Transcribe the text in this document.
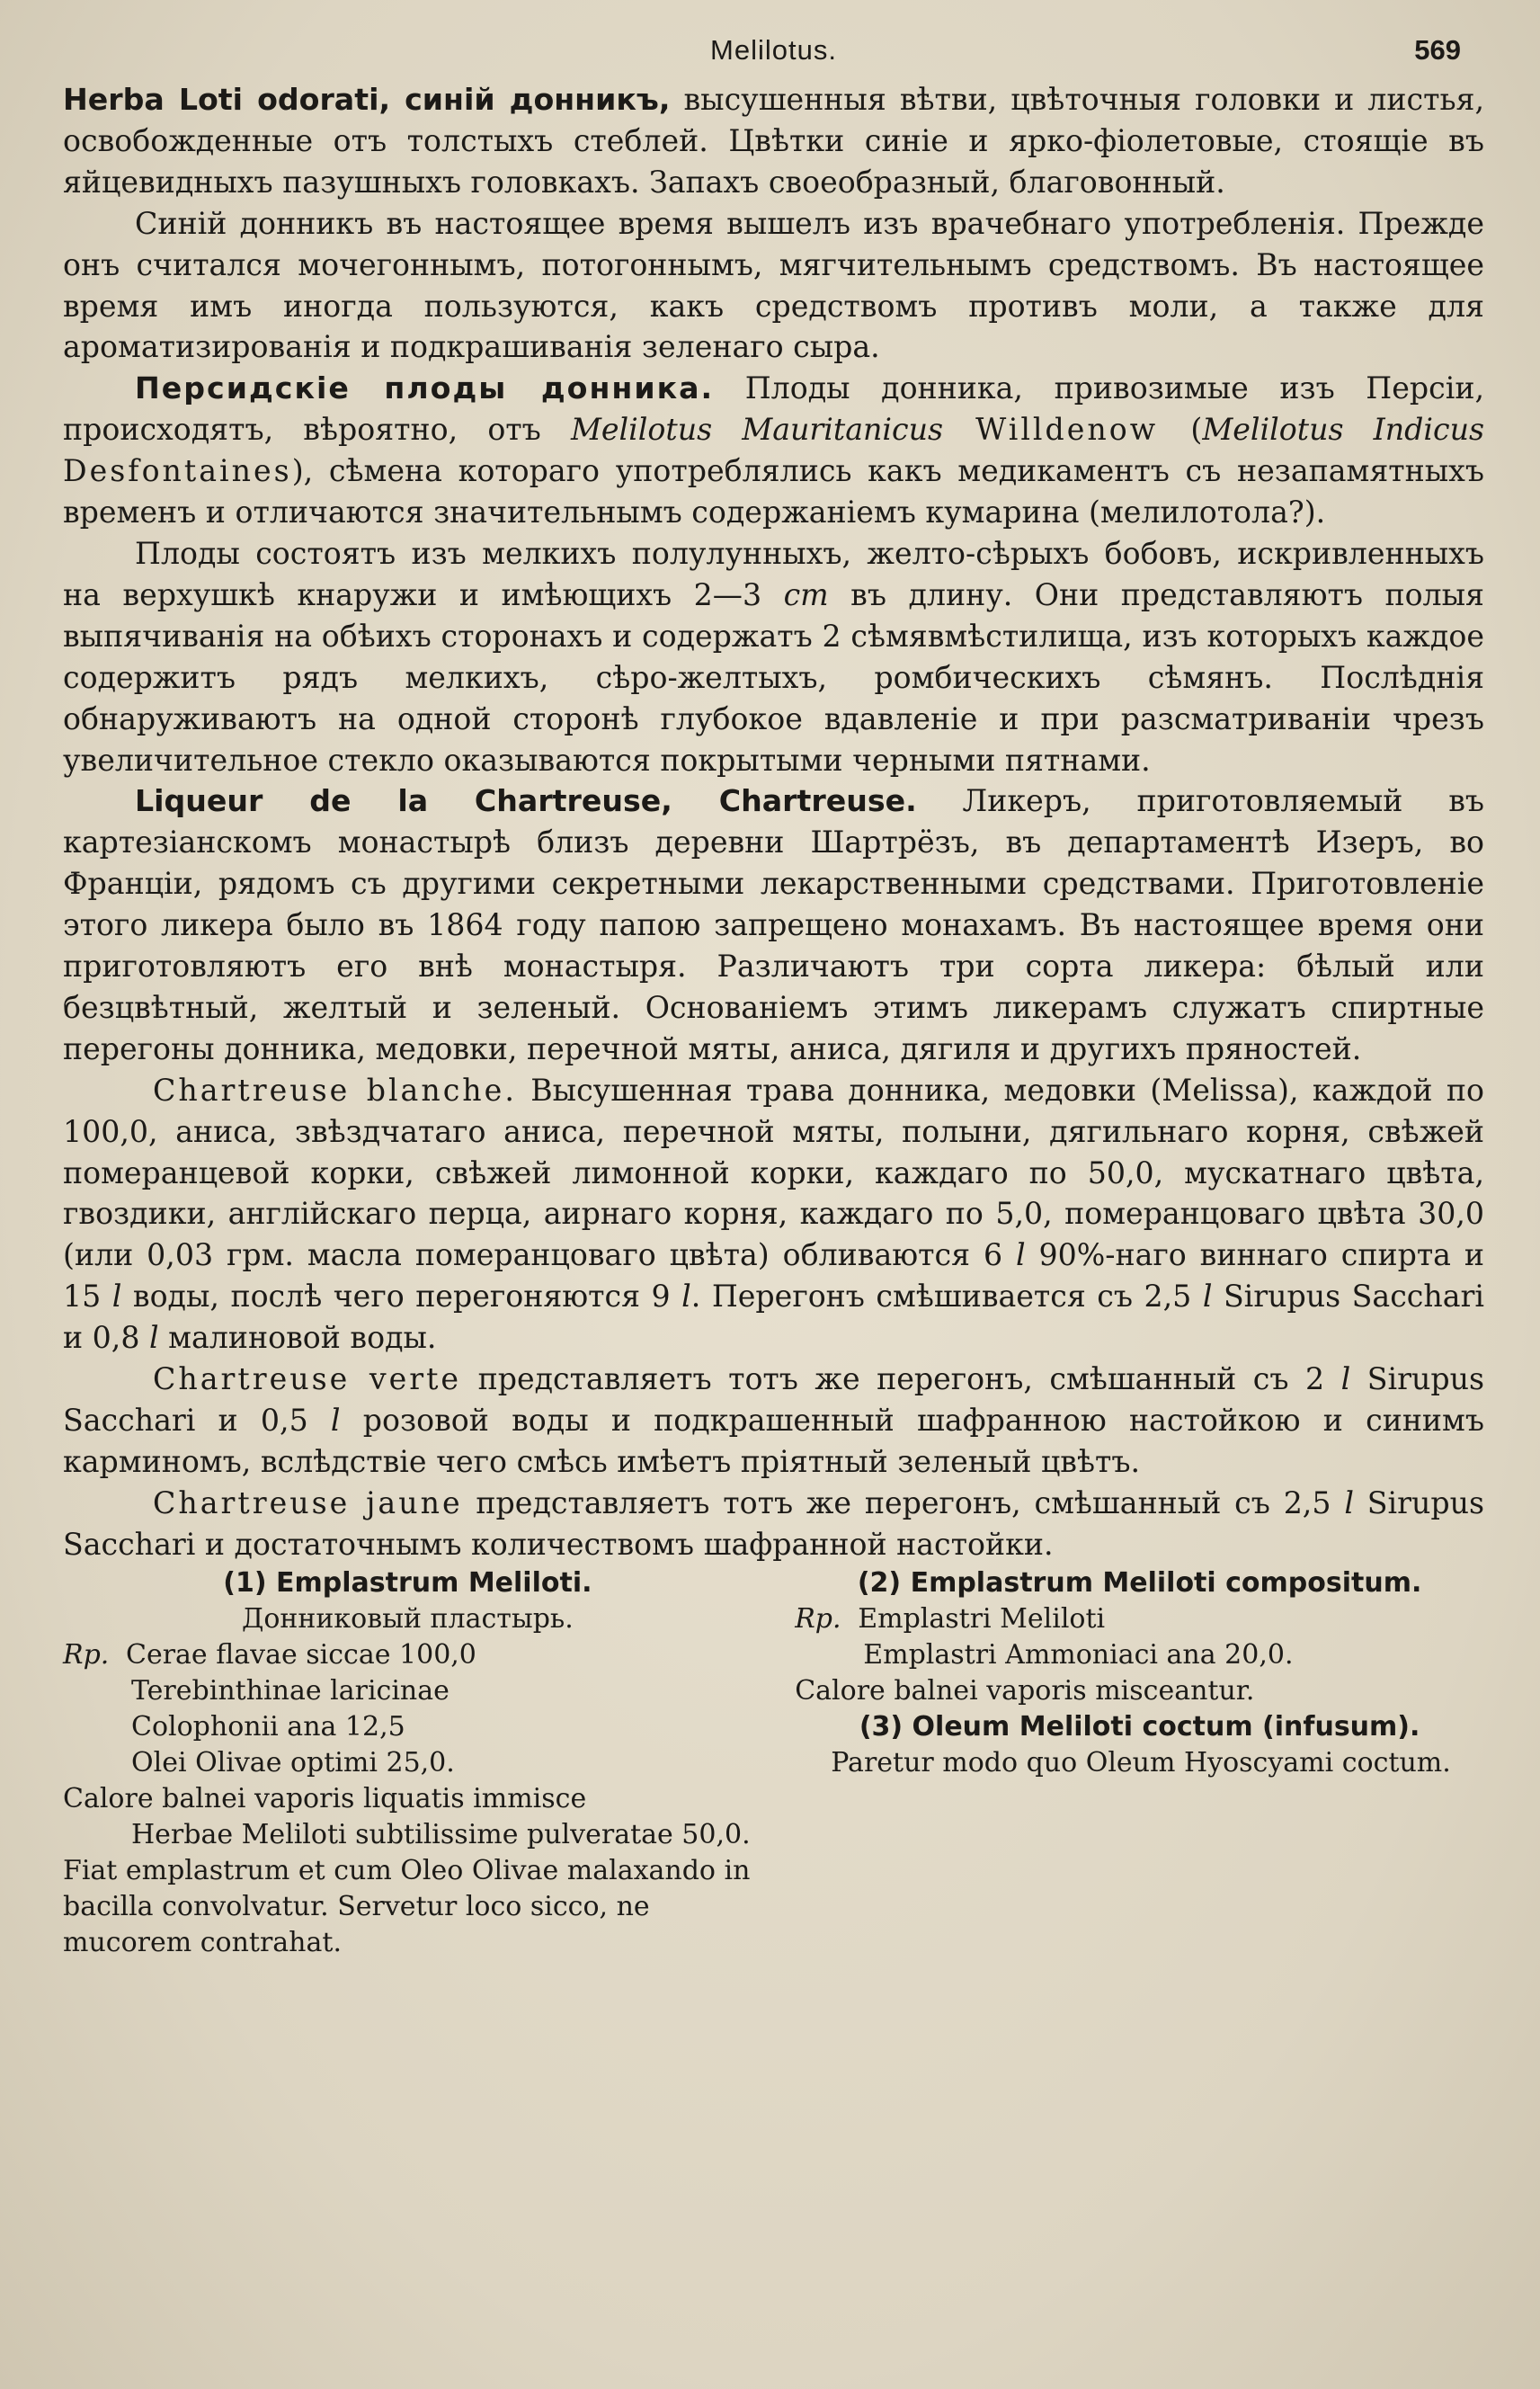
Melilotus.	569

Herba Loti odorati, синій донникъ, высушенныя вѣтви, цвѣточныя головки и листья, освобожденные отъ толстыхъ стеблей. Цвѣтки синіе и ярко-фіолетовые, стоящіе въ яйцевидныхъ пазушныхъ головкахъ. Запахъ своеобразный, благовонный.

Синій донникъ въ настоящее время вышелъ изъ врачебнаго употребленія. Прежде онъ считался мочегоннымъ, потогоннымъ, мягчительнымъ средствомъ. Въ настоящее время имъ иногда пользуются, какъ средствомъ противъ моли, а также для ароматизированія и подкрашиванія зеленаго сыра.

Персидскіе плоды донника. Плоды донника, привозимые изъ Персіи, происходятъ, вѣроятно, отъ Melilotus Mauritanicus Willdenow (Melilotus Indicus Desfontaines), сѣмена котораго употреблялись какъ медикаментъ съ незапамятныхъ временъ и отличаются значительнымъ содержаніемъ кумарина (мелилотола?).

Плоды состоятъ изъ мелкихъ полулунныхъ, желто-сѣрыхъ бобовъ, искривленныхъ на верхушкѣ кнаружи и имѣющихъ 2—3 cm въ длину. Они представляютъ полыя выпячиванія на обѣихъ сторонахъ и содержатъ 2 сѣмявмѣстилища, изъ которыхъ каждое содержитъ рядъ мелкихъ, сѣро-желтыхъ, ромбическихъ сѣмянъ. Послѣднія обнаруживаютъ на одной сторонѣ глубокое вдавленіе и при разсматриваніи чрезъ увеличительное стекло оказываются покрытыми черными пятнами.

Liqueur de la Chartreuse, Chartreuse. Ликеръ, приготовляемый въ картезіанскомъ монастырѣ близъ деревни Шартрёзъ, въ департаментѣ Изеръ, во Франціи, рядомъ съ другими секретными лекарственными средствами. Приготовленіе этого ликера было въ 1864 году папою запрещено монахамъ. Въ настоящее время они приготовляютъ его внѣ монастыря. Различаютъ три сорта ликера: бѣлый или безцвѣтный, желтый и зеленый. Основаніемъ этимъ ликерамъ служатъ спиртные перегоны донника, медовки, перечной мяты, аниса, дягиля и другихъ пряностей.

Chartreuse blanche. Высушенная трава донника, медовки (Melissa), каждой по 100,0, аниса, звѣздчатаго аниса, перечной мяты, полыни, дягильнаго корня, свѣжей померанцевой корки, свѣжей лимонной корки, каждаго по 50,0, мускатнаго цвѣта, гвоздики, англійскаго перца, аирнаго корня, каждаго по 5,0, померанцоваго цвѣта 30,0 (или 0,03 грм. масла померанцоваго цвѣта) обливаются 6 l 90%-наго виннаго спирта и 15 l воды, послѣ чего перегоняются 9 l. Перегонъ смѣшивается съ 2,5 l Sirupus Sacchari и 0,8 l малиновой воды.

Chartreuse verte представляетъ тотъ же перегонъ, смѣшанный съ 2 l Sirupus Sacchari и 0,5 l розовой воды и подкрашенный шафранною настойкою и синимъ карминомъ, вслѣдствіе чего смѣсь имѣетъ пріятный зеленый цвѣтъ.

Chartreuse jaune представляетъ тотъ же перегонъ, смѣшанный съ 2,5 l Sirupus Sacchari и достаточнымъ количествомъ шафранной настойки.

(1) Emplastrum Meliloti.

Донниковый пластырь.

Rp. Cerae flavae siccae 100,0

Terebinthinae laricinae

Colophonii ana 12,5

Olei Olivae optimi 25,0.

Calore balnei vaporis liquatis immisce

Herbae Meliloti subtilissime pulveratae 50,0.

Fiat emplastrum et cum Oleo Olivae malaxando in bacilla convolvatur. Servetur loco sicco, ne mucorem contrahat.

(2) Emplastrum Meliloti compositum.

Rp. Emplastri Meliloti

Emplastri Ammoniaci ana 20,0.

Calore balnei vaporis misceantur.

(3) Oleum Meliloti coctum (infusum).

Paretur modo quo Oleum Hyoscyami coctum.
